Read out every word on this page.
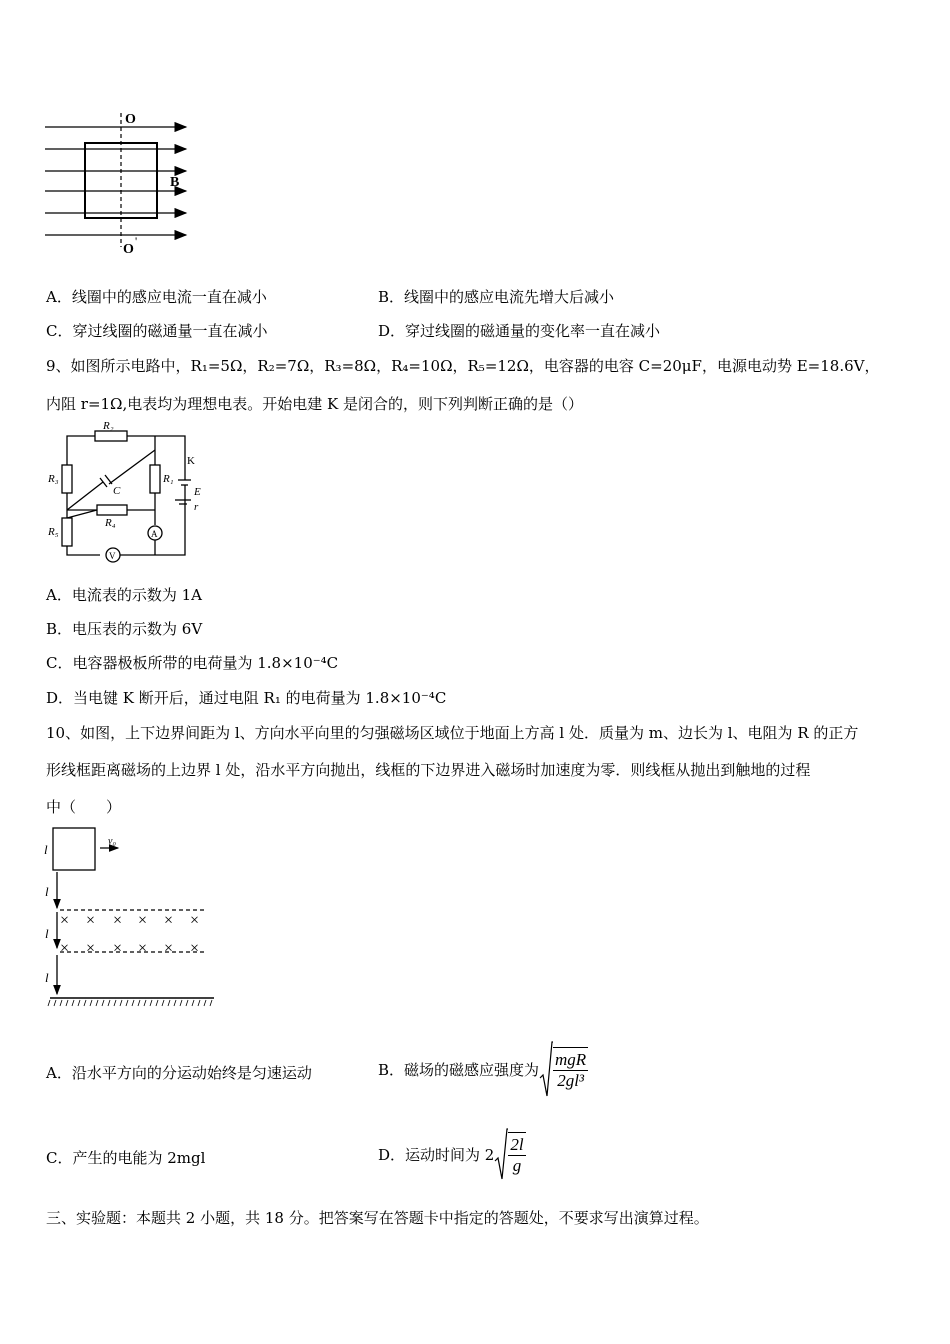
O
O
'
B
A．线圈中的感应电流一直在减小	B．线圈中的感应电流先增大后减小
C．穿过线圈的磁通量一直在减小	D．穿过线圈的磁通量的变化率一直在减小
9、如图所示电路中，R₁=5Ω，R₂=7Ω，R₃=8Ω，R₄=10Ω，R₅=12Ω，电容器的电容 C=20μF，电源电动势 E=18.6V，
内阻 r=1Ω,电表均为理想电表。开始电建 K 是闭合的，则下列判断正确的是（）
R₂
R₃
R₅
C
R₁
R₄
K
E
r
A
V
A．电流表的示数为 1A
B．电压表的示数为 6V
C．电容器极板所带的电荷量为 1.8×10⁻⁴C
D．当电键 K 断开后，通过电阻 R₁ 的电荷量为 1.8×10⁻⁴C
10、如图，上下边界间距为 l、方向水平向里的匀强磁场区域位于地面上方高 l 处．质量为 m、边长为 l、电阻为 R 的正方
形线框距离磁场的上边界 l 处，沿水平方向抛出，线框的下边界进入磁场时加速度为零．则线框从抛出到触地的过程
中（　　）
l
v₀
l
l
l
× × × × × ×
× × × × × ×
A．沿水平方向的分运动始终是匀速运动	B．磁场的磁感应强度为 $\frac{\text{mgR}}{\text{2gl³}}$
C．产生的电能为 2mgl	D．运动时间为 $2 \frac{2l}{g}$
三、实验题：本题共 2 小题，共 18 分。把答案写在答题卡中指定的答题处，不要求写出演算过程。
